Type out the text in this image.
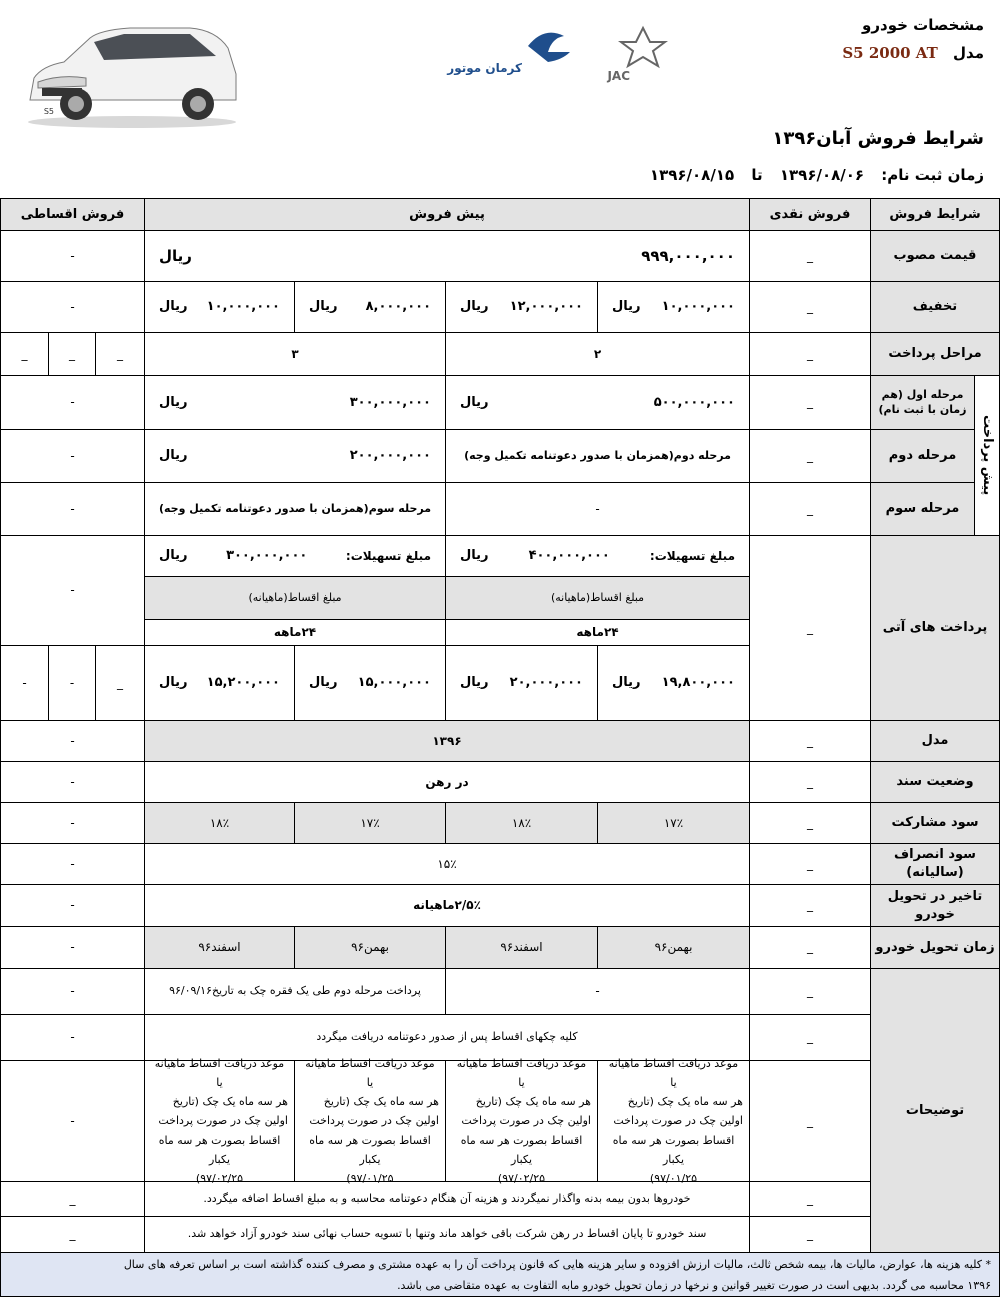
S5
کرمان موتور
JAC
مشخصات خودرو
مدل S5 2000 AT
شرایط فروش آبان۱۳۹۶
زمان ثبت نام: ۱۳۹۶/۰۸/۰۶ تا ۱۳۹۶/۰۸/۱۵
شرایط فروش
فروش نقدی
پیش فروش
فروش اقساطی
قیمت مصوب
_
۹۹۹,۰۰۰,۰۰۰
ریال
-
تخفیف
_
۱۰,۰۰۰,۰۰۰
ریال
۱۲,۰۰۰,۰۰۰
ریال
۸,۰۰۰,۰۰۰
ریال
۱۰,۰۰۰,۰۰۰
ریال
-
مراحل پرداخت
_
۲
۳
_
_
_
پیش پرداخت
مرحله اول (هم زمان با ثبت نام)
_
۵۰۰,۰۰۰,۰۰۰
ریال
۳۰۰,۰۰۰,۰۰۰
ریال
-
مرحله دوم
_
مرحله دوم(همزمان با صدور دعوتنامه تکمیل وجه)
۲۰۰,۰۰۰,۰۰۰
ریال
-
مرحله سوم
_
-
مرحله سوم(همزمان با صدور دعوتنامه تکمیل وجه)
-
پرداخت های آتی
_
مبلغ تسهیلات:
۴۰۰,۰۰۰,۰۰۰
ریال
مبلغ تسهیلات:
۳۰۰,۰۰۰,۰۰۰
ریال
مبلغ اقساط(ماهیانه)
مبلغ اقساط(ماهیانه)
۲۴ماهه
۲۴ماهه
۱۹,۸۰۰,۰۰۰
ریال
۲۰,۰۰۰,۰۰۰
ریال
۱۵,۰۰۰,۰۰۰
ریال
۱۵,۲۰۰,۰۰۰
ریال
-
_
-
-
مدل
_
۱۳۹۶
-
وضعیت سند
_
در رهن
-
سود مشارکت
_
۱۷٪
۱۸٪
۱۷٪
۱۸٪
-
سود انصراف (سالیانه)
_
۱۵٪
-
تاخیر در تحویل خودرو
_
۲/۵٪ماهیانه
-
زمان تحویل خودرو
_
بهمن۹۶
اسفند۹۶
بهمن۹۶
اسفند۹۶
-
توضیحات
_
-
پرداخت مرحله دوم طی یک فقره چک به تاریخ۹۶/۰۹/۱۶
-
_
کلیه چکهای اقساط پس از صدور دعوتنامه دریافت میگردد
-
_
موعد دریافت اقساط ماهیانه یا
هر سه ماه یک چک (تاریخ
اولین چک در صورت پرداخت
اقساط بصورت هر سه ماه یکبار
۹۷/۰۱/۲۵)
موعد دریافت اقساط ماهیانه یا
هر سه ماه یک چک (تاریخ
اولین چک در صورت پرداخت
اقساط بصورت هر سه ماه یکبار
۹۷/۰۲/۲۵)
موعد دریافت اقساط ماهیانه یا
هر سه ماه یک چک (تاریخ
اولین چک در صورت پرداخت
اقساط بصورت هر سه ماه یکبار
۹۷/۰۱/۲۵)
موعد دریافت اقساط ماهیانه یا
هر سه ماه یک چک (تاریخ
اولین چک در صورت پرداخت
اقساط بصورت هر سه ماه یکبار
۹۷/۰۲/۲۵)
-
_
خودروها بدون بیمه بدنه واگذار نمیگردند و هزینه آن هنگام دعوتنامه محاسبه و به مبلغ اقساط اضافه میگردد.
_
_
سند خودرو تا پایان اقساط در رهن شرکت باقی خواهد ماند وتنها با تسویه حساب نهائی سند خودرو آزاد خواهد شد.
_
* کلیه هزینه ها، عوارض، مالیات ها، بیمه شخص ثالث، مالیات ارزش افزوده و سایر هزینه هایی که قانون پرداخت آن را به عهده مشتری و مصرف کننده گذاشته است بر اساس تعرفه های سال
۱۳۹۶ محاسبه می گردد. بدیهی است در صورت تغییر قوانین و نرخها در زمان تحویل خودرو مابه التفاوت به عهده متقاضی می باشد.
